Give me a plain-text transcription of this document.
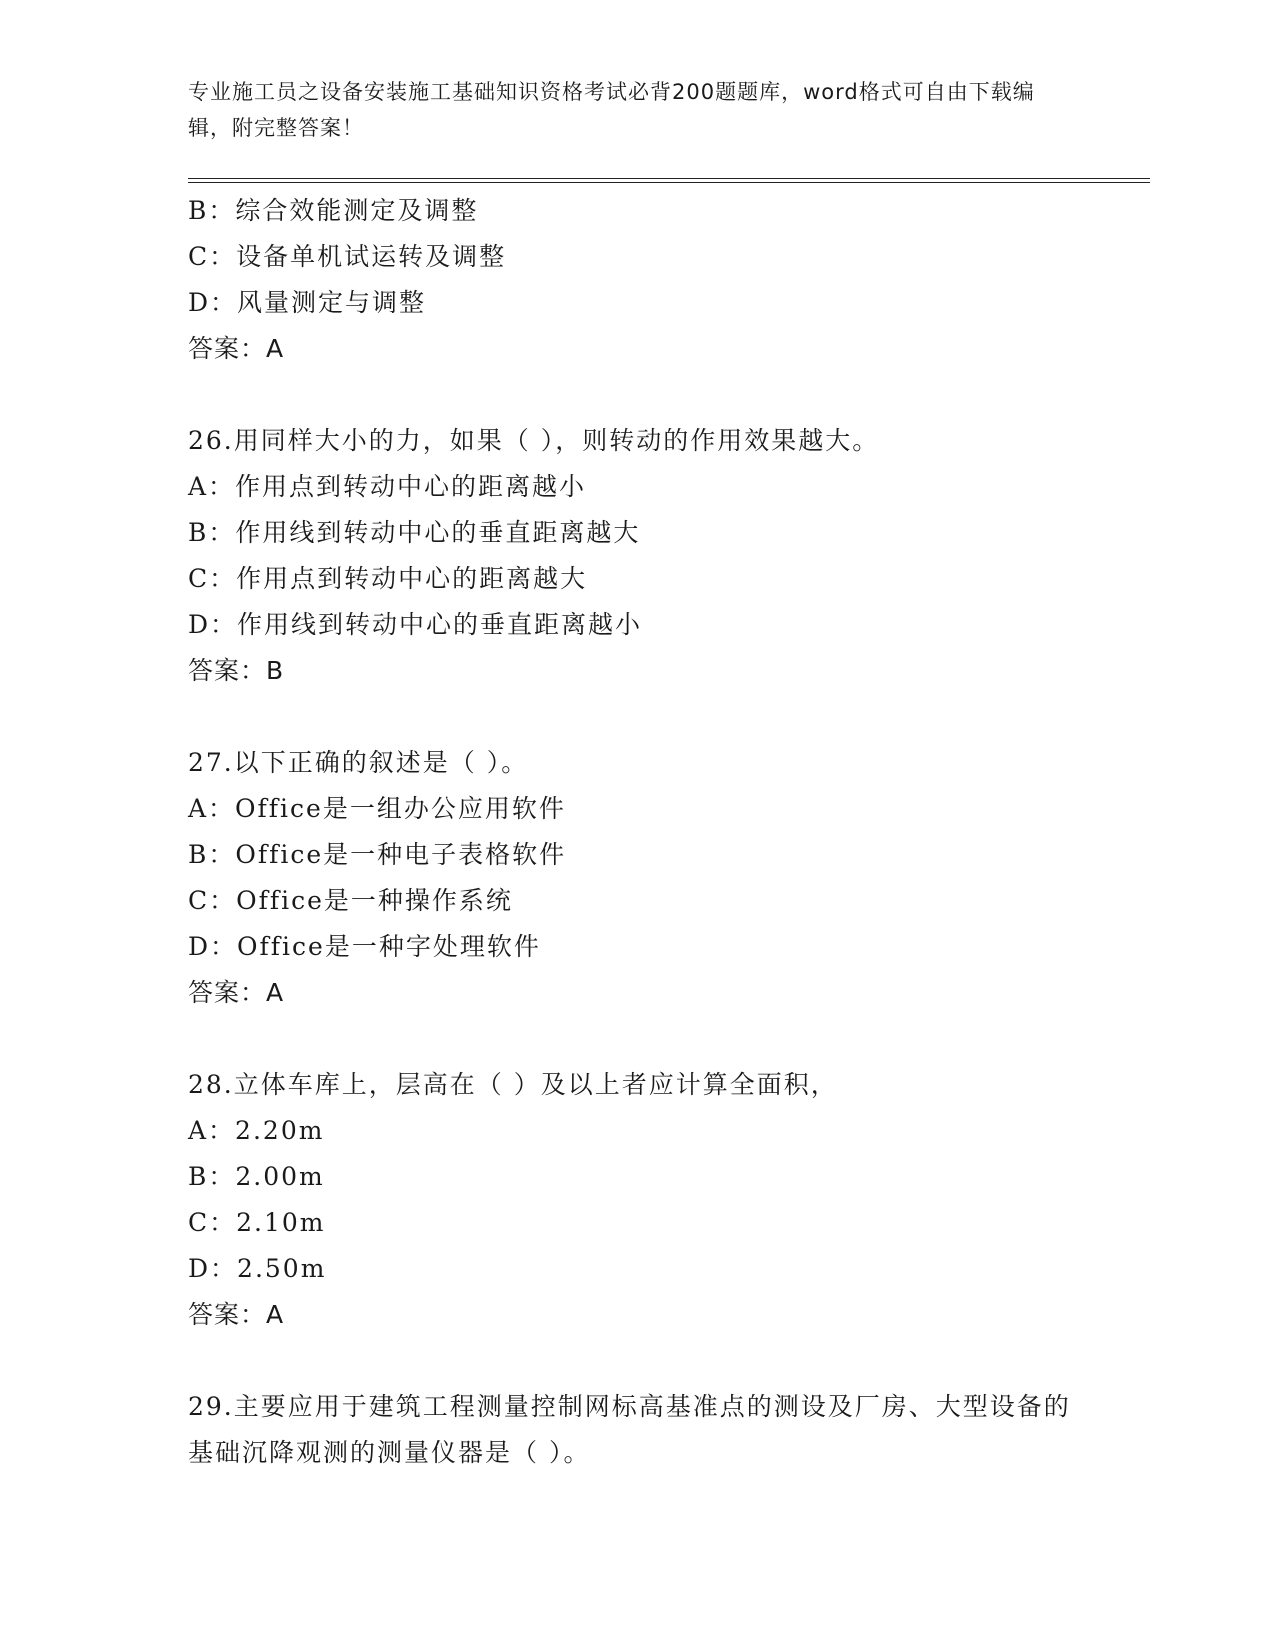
专业施工员之设备安装施工基础知识资格考试必背200题题库，word格式可自由下载编辑，附完整答案！
B：综合效能测定及调整
C：设备单机试运转及调整
D：风量测定与调整
答案：A
26.用同样大小的力，如果（ ），则转动的作用效果越大。
A：作用点到转动中心的距离越小
B：作用线到转动中心的垂直距离越大
C：作用点到转动中心的距离越大
D：作用线到转动中心的垂直距离越小
答案：B
27.以下正确的叙述是（ ）。
A：Office是一组办公应用软件
B：Office是一种电子表格软件
C：Office是一种操作系统
D：Office是一种字处理软件
答案：A
28.立体车库上，层高在（ ）及以上者应计算全面积，
A：2.20m
B：2.00m
C：2.10m
D：2.50m
答案：A
29.主要应用于建筑工程测量控制网标高基准点的测设及厂房、大型设备的基础沉降观测的测量仪器是（ ）。
